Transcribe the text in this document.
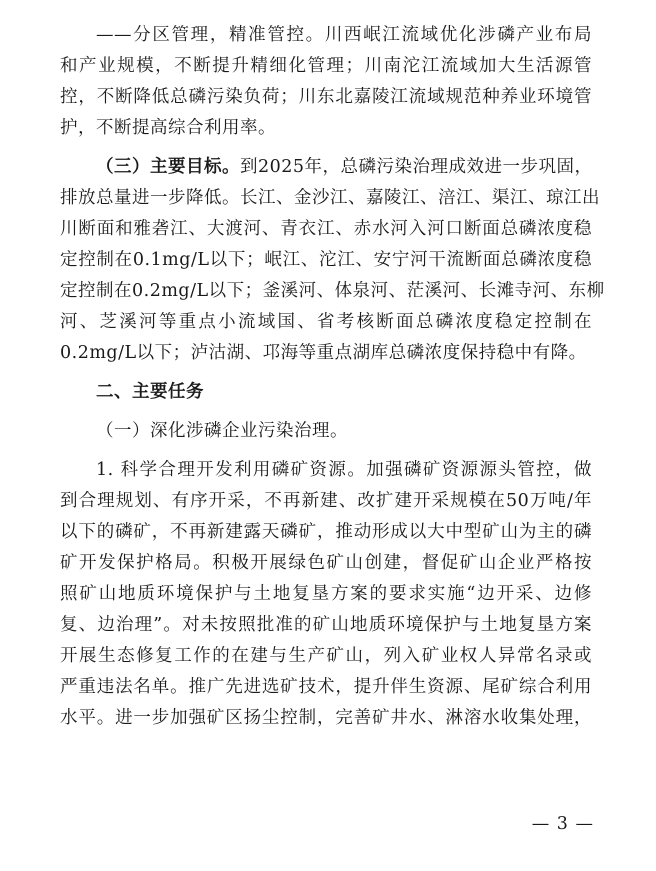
——分区管理，精准管控。川西岷江流域优化涉磷产业布局
和产业规模，不断提升精细化管理；川南沱江流域加大生活源管
控，不断降低总磷污染负荷；川东北嘉陵江流域规范种养业环境管
护，不断提高综合利用率。
（三）主要目标。到2025年，总磷污染治理成效进一步巩固，
排放总量进一步降低。长江、金沙江、嘉陵江、涪江、渠江、琼江出
川断面和雅砻江、大渡河、青衣江、赤水河入河口断面总磷浓度稳
定控制在0.1mg/L以下；岷江、沱江、安宁河干流断面总磷浓度稳
定控制在0.2mg/L以下；釜溪河、体泉河、茫溪河、长滩寺河、东柳
河、芝溪河等重点小流域国、省考核断面总磷浓度稳定控制在
0.2mg/L以下；泸沽湖、邛海等重点湖库总磷浓度保持稳中有降。
二、主要任务
（一）深化涉磷企业污染治理。
1. 科学合理开发利用磷矿资源。加强磷矿资源源头管控，做
到合理规划、有序开采，不再新建、改扩建开采规模在50万吨/年
以下的磷矿，不再新建露天磷矿，推动形成以大中型矿山为主的磷
矿开发保护格局。积极开展绿色矿山创建，督促矿山企业严格按
照矿山地质环境保护与土地复垦方案的要求实施“边开采、边修
复、边治理”。对未按照批准的矿山地质环境保护与土地复垦方案
开展生态修复工作的在建与生产矿山，列入矿业权人异常名录或
严重违法名单。推广先进选矿技术，提升伴生资源、尾矿综合利用
水平。进一步加强矿区扬尘控制，完善矿井水、淋溶水收集处理，
— 3 —
